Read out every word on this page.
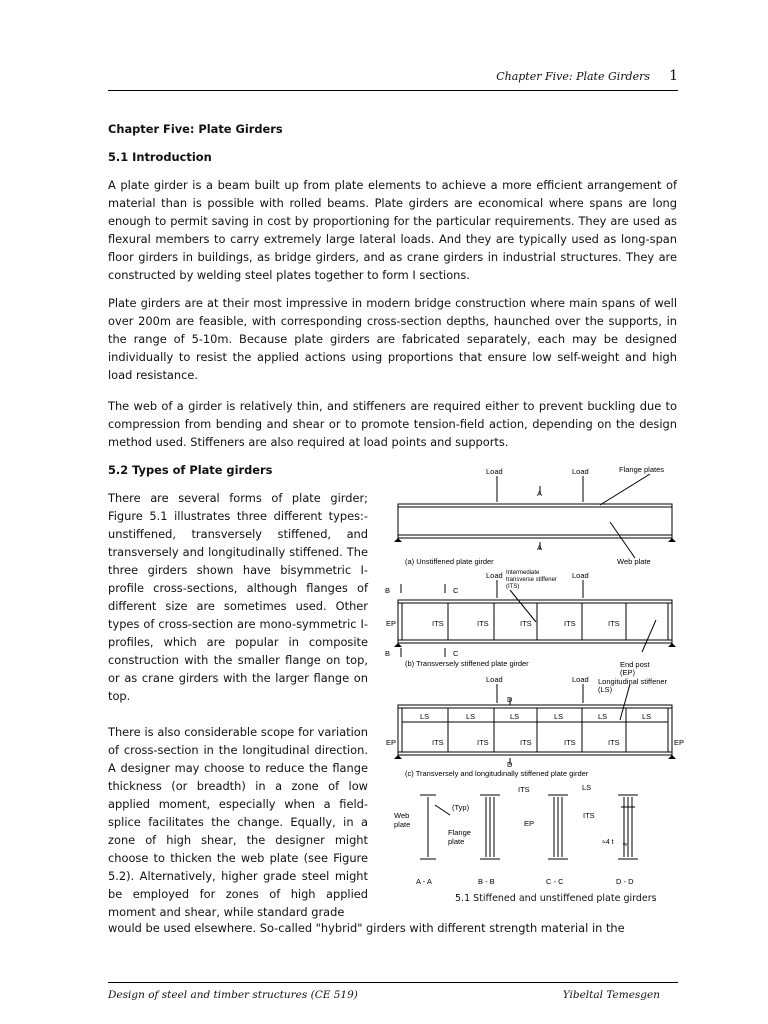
Chapter Five: Plate Girders 1
Chapter Five: Plate Girders
5.1 Introduction
A plate girder is a beam built up from plate elements to achieve a more efficient arrangement of material than is possible with rolled beams. Plate girders are economical where spans are long enough to permit saving in cost by proportioning for the particular requirements. They are used as flexural members to carry extremely large lateral loads. And they are typically used as long-span floor girders in buildings, as bridge girders, and as crane girders in industrial structures. They are constructed by welding steel plates together to form I sections.
Plate girders are at their most impressive in modern bridge construction where main spans of well over 200m are feasible, with corresponding cross-section depths, haunched over the supports, in the range of 5-10m. Because plate girders are fabricated separately, each may be designed individually to resist the applied actions using proportions that ensure low self-weight and high load resistance.
The web of a girder is relatively thin, and stiffeners are required either to prevent buckling due to compression from bending and shear or to promote tension-field action, depending on the design method used. Stiffeners are also required at load points and supports.
5.2 Types of Plate girders
There are several forms of plate girder; Figure 5.1 illustrates three different types:-unstiffened, transversely stiffened, and transversely and longitudinally stiffened. The three girders shown have bisymmetric I-profile cross-sections, although flanges of different size are sometimes used. Other types of cross-section are mono-symmetric I-profiles, which are popular in composite construction with the smaller flange on top, or as crane girders with the larger flange on top.
There is also considerable scope for variation of cross-section in the longitudinal direction. A designer may choose to reduce the flange thickness (or breadth) in a zone of low applied moment, especially when a field-splice facilitates the change. Equally, in a zone of high shear, the designer might choose to thicken the web plate (see Figure 5.2). Alternatively, higher grade steel might be employed for zones of high applied moment and shear, while standard grade
would be used elsewhere. So-called "hybrid" girders with different strength material in the
Load	Load	Flange plates
Web plate
A
A
(a) Unstiffened plate girder
Load	Load
Intermediate
transverse stiffener
(ITS)
EP	ITS	ITS	ITS	ITS	ITS
(b) Transversely stiffened plate girder
B	C
B	C
End post
(EP)
Load	Load Longitudinal stiffener
(LS)
D
D
EP	EP
LS	LS	LS	LS	LS	LS
ITS	ITS	ITS	ITS	ITS
(c) Transversely and longitudinally stiffened plate girder
Web
plate
(Typ)
Flange
plate
ITS
EP
LS
ITS
≈4 t w
A - A	B - B	C - C	D - D
5.1 Stiffened and unstiffened plate girders
Design of steel and timber structures (CE 519)	Yibeltal Temesgen
